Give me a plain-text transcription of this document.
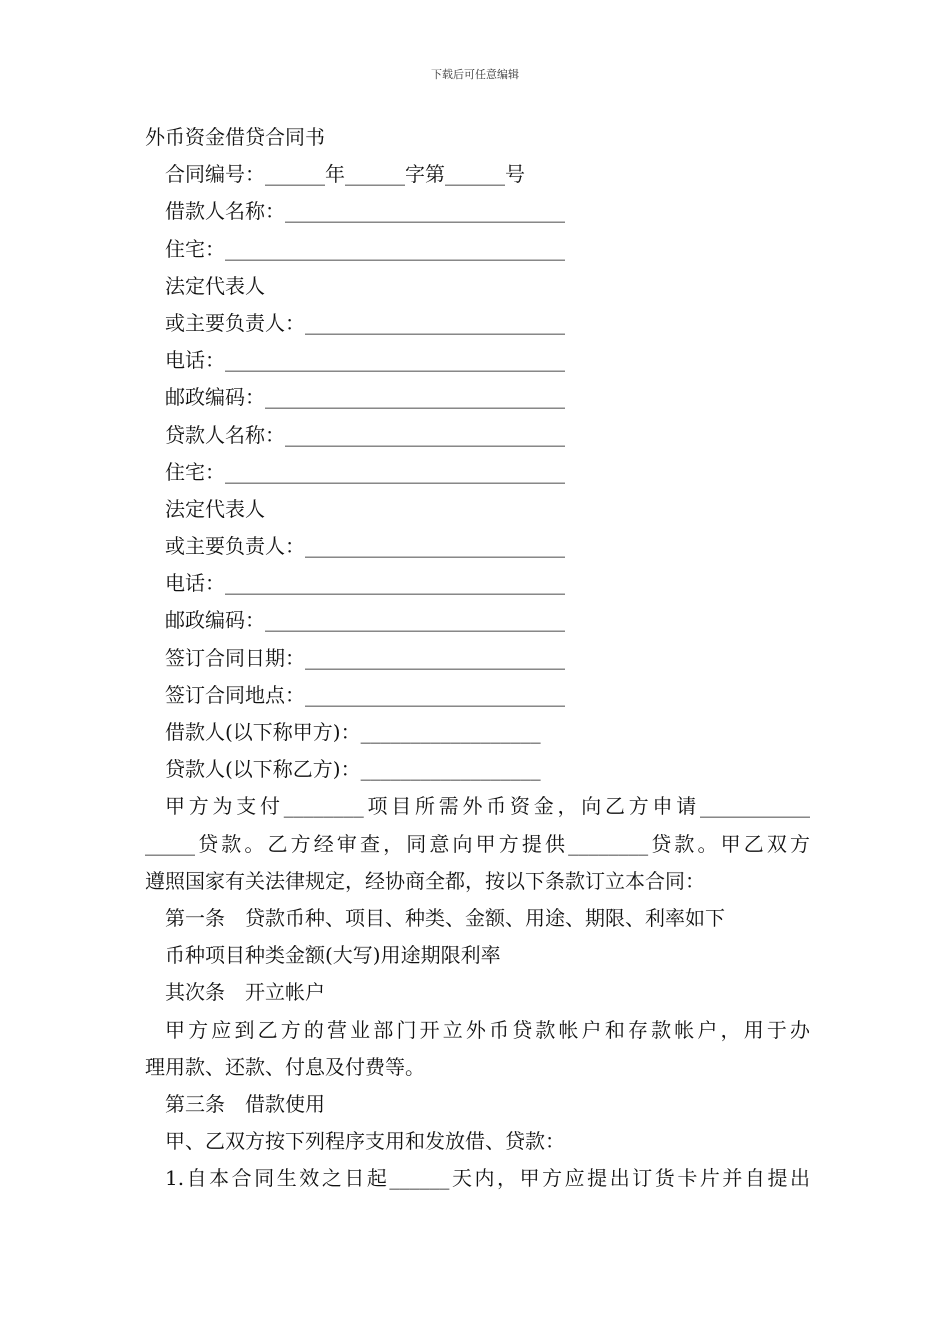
下载后可任意编辑
外币资金借贷合同书
合同编号：______年______字第______号
借款人名称：____________________________
住宅：__________________________________
法定代表人
或主要负责人：__________________________
电话：__________________________________
邮政编码：______________________________
贷款人名称：____________________________
住宅：__________________________________
法定代表人
或主要负责人：__________________________
电话：__________________________________
邮政编码：______________________________
签订合同日期：__________________________
签订合同地点：__________________________
借款人(以下称甲方)：__________________
贷款人(以下称乙方)：__________________
甲方为支付________项目所需外币资金，向乙方申请___________
_____贷款。乙方经审查，同意向甲方提供________贷款。甲乙双方
遵照国家有关法律规定，经协商全都，按以下条款订立本合同：
第一条　贷款币种、项目、种类、金额、用途、期限、利率如下
币种项目种类金额(大写)用途期限利率
其次条　开立帐户
甲方应到乙方的营业部门开立外币贷款帐户和存款帐户，用于办
理用款、还款、付息及付费等。
第三条　借款使用
甲、乙双方按下列程序支用和发放借、贷款：
1.自本合同生效之日起______天内，甲方应提出订货卡片并自提出
